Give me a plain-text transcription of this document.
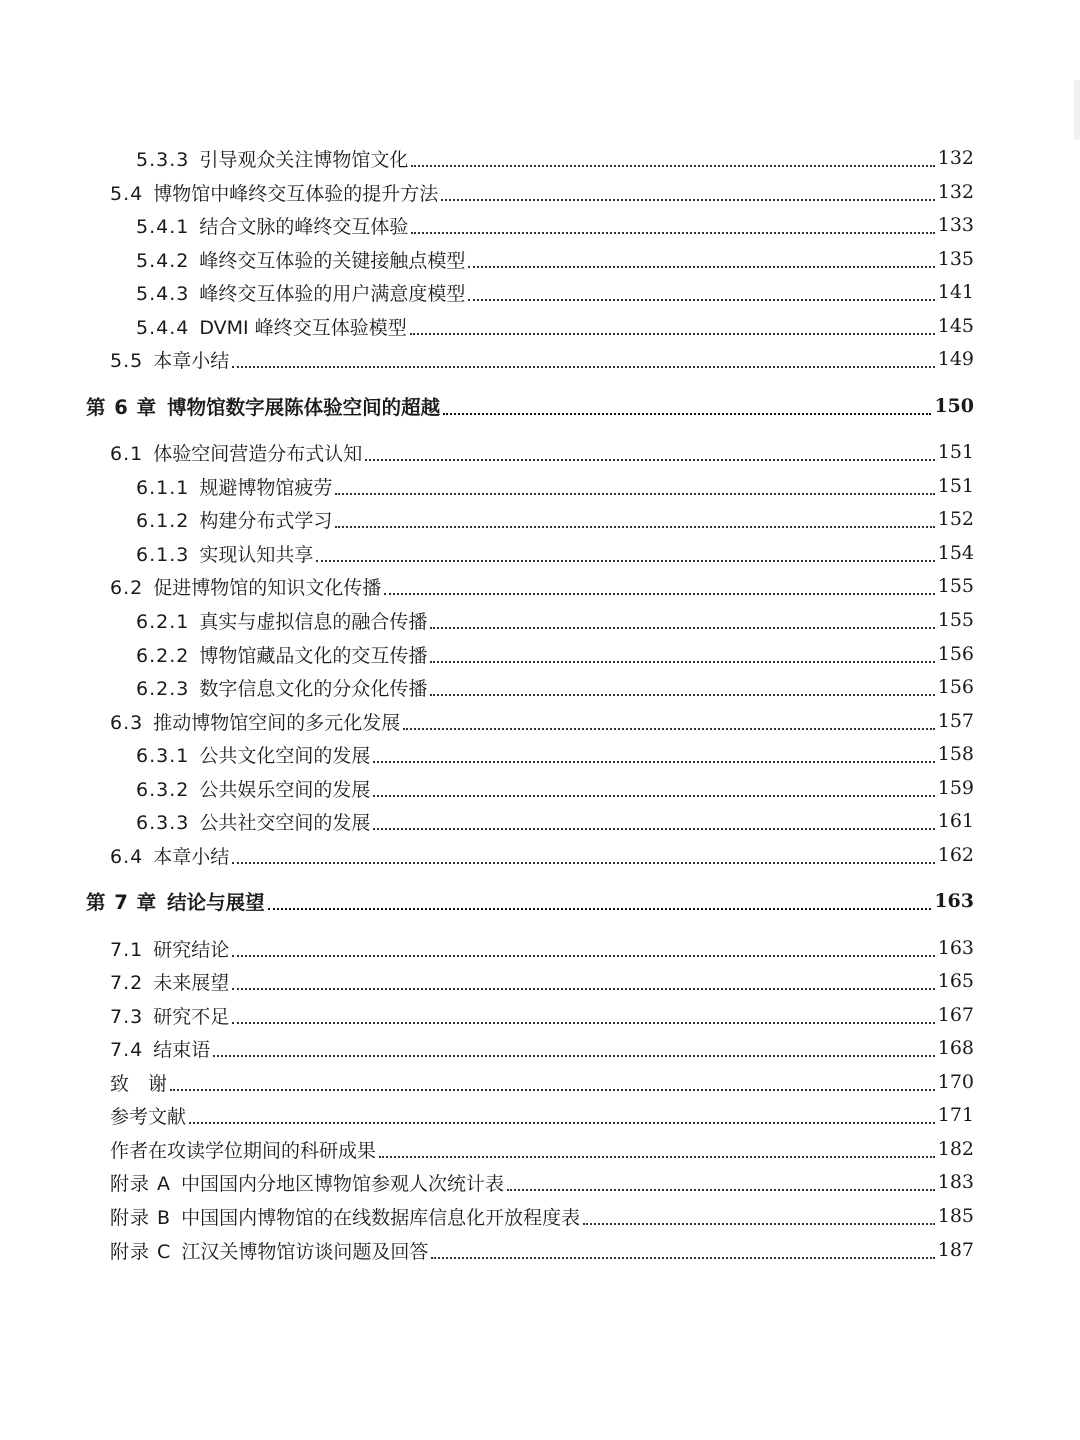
5.3.3 引导观众关注博物馆文化	132
5.4 博物馆中峰终交互体验的提升方法	132
5.4.1 结合文脉的峰终交互体验	133
5.4.2 峰终交互体验的关键接触点模型	135
5.4.3 峰终交互体验的用户满意度模型	141
5.4.4 DVMI 峰终交互体验模型	145
5.5 本章小结	149
第 6 章 博物馆数字展陈体验空间的超越	150
6.1 体验空间营造分布式认知	151
6.1.1 规避博物馆疲劳	151
6.1.2 构建分布式学习	152
6.1.3 实现认知共享	154
6.2 促进博物馆的知识文化传播	155
6.2.1 真实与虚拟信息的融合传播	155
6.2.2 博物馆藏品文化的交互传播	156
6.2.3 数字信息文化的分众化传播	156
6.3 推动博物馆空间的多元化发展	157
6.3.1 公共文化空间的发展	158
6.3.2 公共娱乐空间的发展	159
6.3.3 公共社交空间的发展	161
6.4 本章小结	162
第 7 章 结论与展望	163
7.1 研究结论	163
7.2 未来展望	165
7.3 研究不足	167
7.4 结束语	168
致　谢	170
参考文献	171
作者在攻读学位期间的科研成果	182
附录 A 中国国内分地区博物馆参观人次统计表	183
附录 B 中国国内博物馆的在线数据库信息化开放程度表	185
附录 C 江汉关博物馆访谈问题及回答	187
